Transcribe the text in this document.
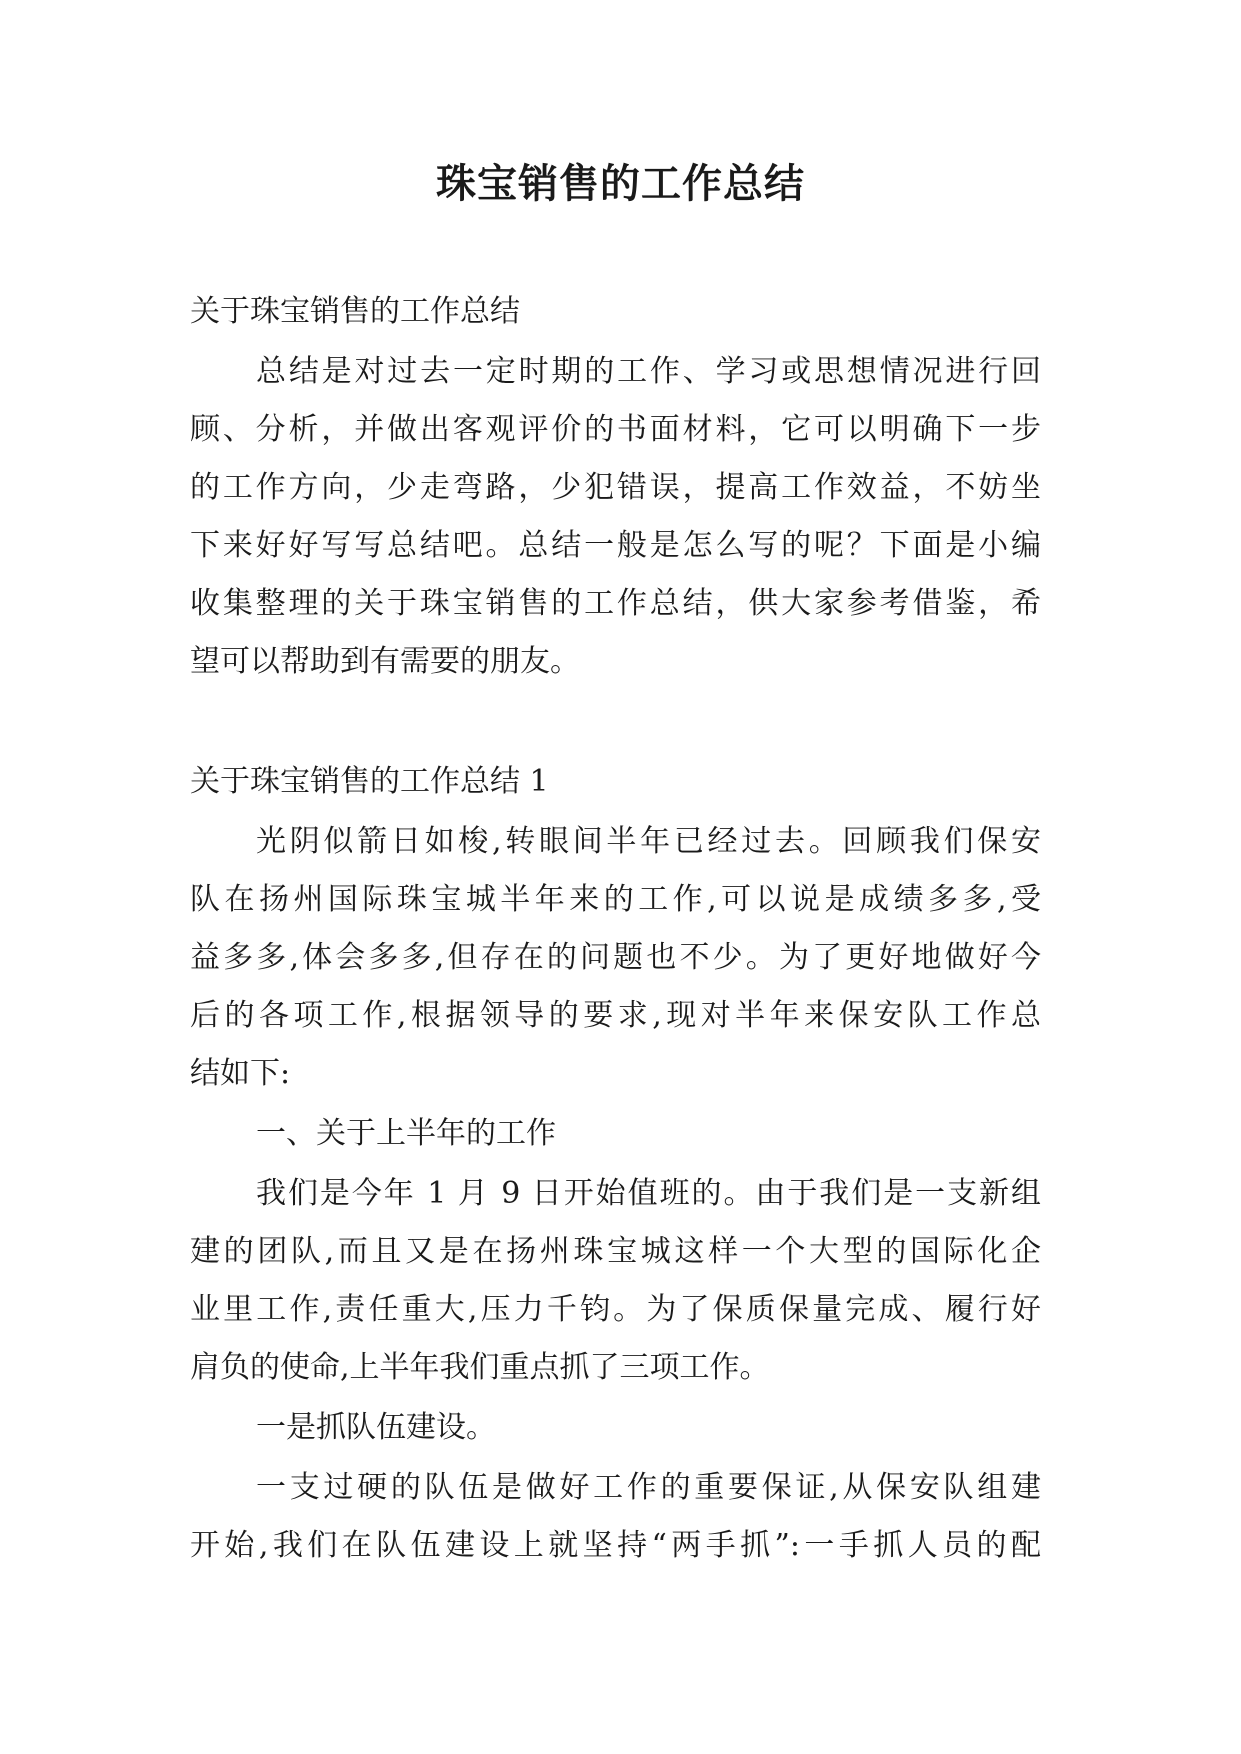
珠宝销售的工作总结
关于珠宝销售的工作总结
总结是对过去一定时期的工作、学习或思想情况进行回
顾、分析，并做出客观评价的书面材料，它可以明确下一步
的工作方向，少走弯路，少犯错误，提高工作效益，不妨坐
下来好好写写总结吧。总结一般是怎么写的呢？下面是小编
收集整理的关于珠宝销售的工作总结，供大家参考借鉴，希
望可以帮助到有需要的朋友。
关于珠宝销售的工作总结 1
光阴似箭日如梭,转眼间半年已经过去。回顾我们保安
队在扬州国际珠宝城半年来的工作,可以说是成绩多多,受
益多多,体会多多,但存在的问题也不少。为了更好地做好今
后的各项工作,根据领导的要求,现对半年来保安队工作总
结如下:
一、关于上半年的工作
我们是今年 1 月 9 日开始值班的。由于我们是一支新组
建的团队,而且又是在扬州珠宝城这样一个大型的国际化企
业里工作,责任重大,压力千钧。为了保质保量完成、履行好
肩负的使命,上半年我们重点抓了三项工作。
一是抓队伍建设。
一支过硬的队伍是做好工作的重要保证,从保安队组建
开始,我们在队伍建设上就坚持“两手抓”:一手抓人员的配
